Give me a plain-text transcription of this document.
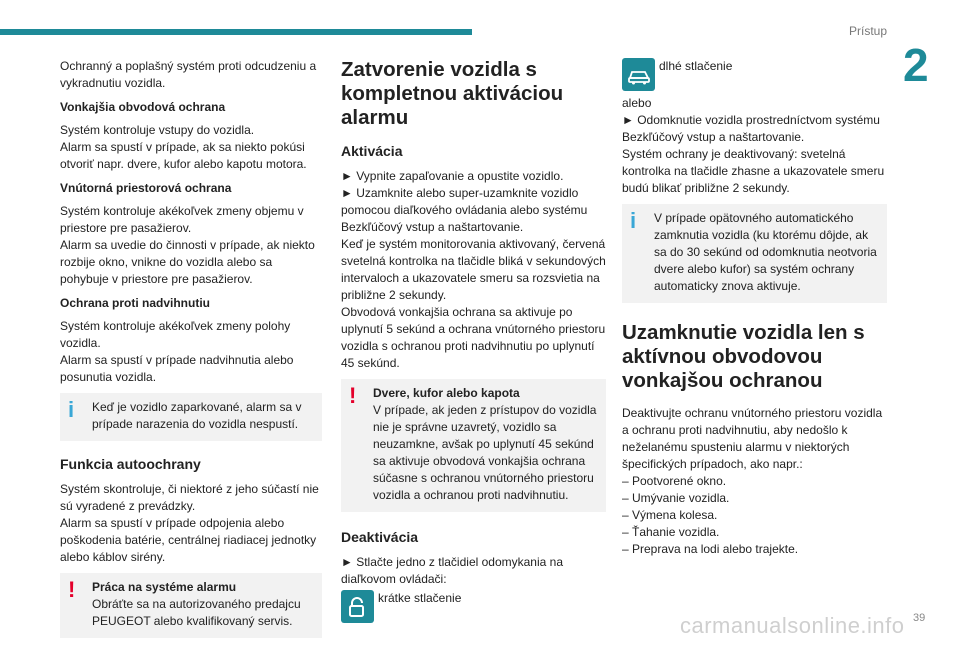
Prístup
2

Ochranný a poplašný systém proti odcudzeniu a vykradnutiu vozidla.

Vonkajšia obvodová ochrana

Systém kontroluje vstupy do vozidla.
Alarm sa spustí v prípade, ak sa niekto pokúsi otvoriť napr. dvere, kufor alebo kapotu motora.

Vnútorná priestorová ochrana

Systém kontroluje akékoľvek zmeny objemu v priestore pre pasažierov.
Alarm sa uvedie do činnosti v prípade, ak niekto rozbije okno, vnikne do vozidla alebo sa pohybuje v priestore pre pasažierov.

Ochrana proti nadvihnutiu

Systém kontroluje akékoľvek zmeny polohy vozidla.
Alarm sa spustí v prípade nadvihnutia alebo posunutia vozidla.

i	Keď je vozidlo zaparkované, alarm sa v prípade narazenia do vozidla nespustí.
Funkcia autoochrany

Systém skontroluje, či niektoré z jeho súčastí nie sú vyradené z prevádzky.
Alarm sa spustí v prípade odpojenia alebo poškodenia batérie, centrálnej riadiacej jednotky alebo káblov sirény.

!	Práca na systéme alarmu
Obráťte sa na autorizovaného predajcu PEUGEOT alebo kvalifikovaný servis.
Zatvorenie vozidla s kompletnou aktiváciou alarmu
Aktivácia

► Vypnite zapaľovanie a opustite vozidlo.
► Uzamknite alebo super-uzamknite vozidlo pomocou diaľkového ovládania alebo systému Bezkľúčový vstup a naštartovanie.
Keď je systém monitorovania aktivovaný, červená svetelná kontrolka na tlačidle bliká v sekundových intervaloch a ukazovatele smeru sa rozsvietia na približne 2 sekundy.
Obvodová vonkajšia ochrana sa aktivuje po uplynutí 5 sekúnd a ochrana vnútorného priestoru vozidla s ochranou proti nadvihnutiu po uplynutí 45 sekúnd.

!	Dvere, kufor alebo kapota
V prípade, ak jeden z prístupov do vozidla nie je správne uzavretý, vozidlo sa neuzamkne, avšak po uplynutí 45 sekúnd sa aktivuje obvodová vonkajšia ochrana súčasne s ochranou vnútorného priestoru vozidla a ochranou proti nadvihnutiu.
Deaktivácia

► Stlačte jedno z tlačidiel odomykania na diaľkovom ovládači:

krátke stlačenie
dlhé stlačenie

alebo
► Odomknutie vozidla prostredníctvom systému Bezkľúčový vstup a naštartovanie.
Systém ochrany je deaktivovaný: svetelná kontrolka na tlačidle zhasne a ukazovatele smeru budú blikať približne 2 sekundy.

i	V prípade opätovného automatického zamknutia vozidla (ku ktorému dôjde, ak sa do 30 sekúnd od odomknutia neotvoria dvere alebo kufor) sa systém ochrany automaticky znova aktivuje.
Uzamknutie vozidla len s aktívnou obvodovou vonkajšou ochranou

Deaktivujte ochranu vnútorného priestoru vozidla a ochranu proti nadvihnutiu, aby nedošlo k neželanému spusteniu alarmu v niektorých špecifických prípadoch, ako napr.:

– Pootvorené okno.
– Umývanie vozidla.
– Výmena kolesa.
– Ťahanie vozidla.
– Preprava na lodi alebo trajekte.
carmanualsonline.info 39
